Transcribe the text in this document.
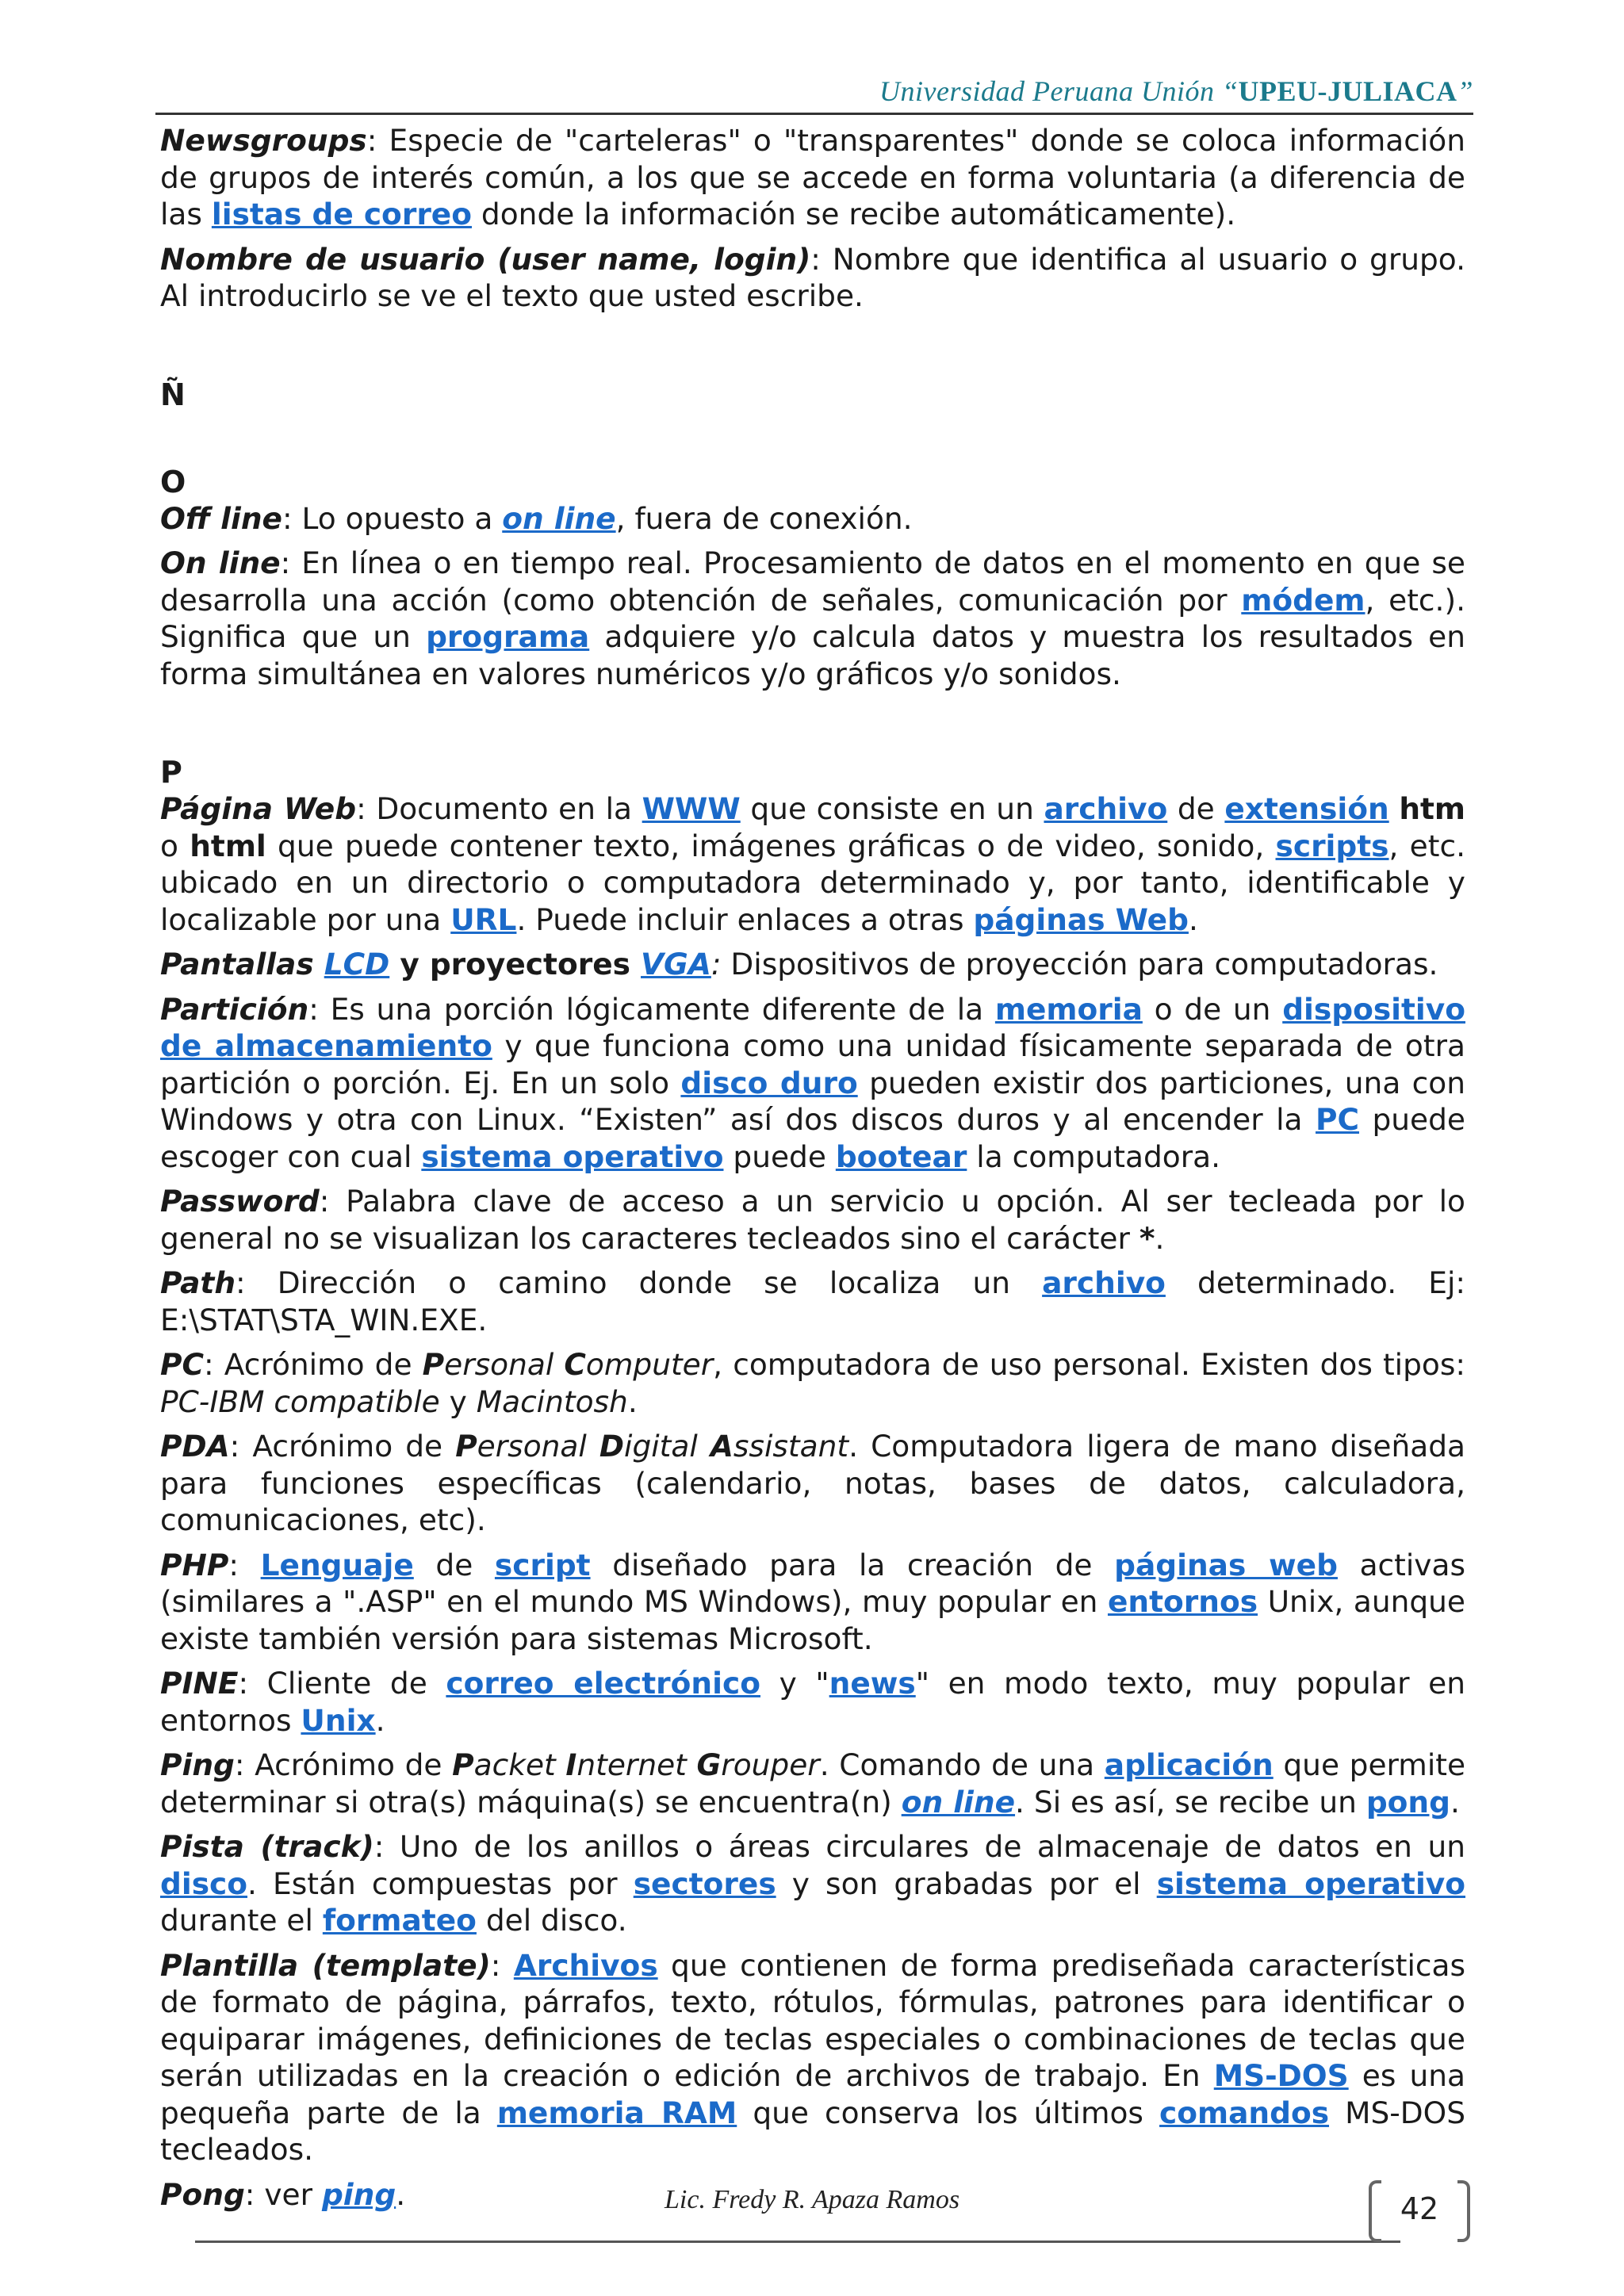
Universidad Peruana Unión “UPEU-JULIACA”

Newsgroups: Especie de "carteleras" o "transparentes" donde se coloca información de grupos de interés común, a los que se accede en forma voluntaria (a diferencia de las listas de correo donde la información se recibe automáticamente).

Nombre de usuario (user name, login): Nombre que identifica al usuario o grupo. Al introducirlo se ve el texto que usted escribe.

Ñ

O

Off line: Lo opuesto a on line, fuera de conexión.

On line: En línea o en tiempo real. Procesamiento de datos en el momento en que se desarrolla una acción (como obtención de señales, comunicación por módem, etc.). Significa que un programa adquiere y/o calcula datos y muestra los resultados en forma simultánea en valores numéricos y/o gráficos y/o sonidos.

P

Página Web: Documento en la WWW que consiste en un archivo de extensión htm o html que puede contener texto, imágenes gráficas o de video, sonido, scripts, etc. ubicado en un directorio o computadora determinado y, por tanto, identificable y localizable por una URL. Puede incluir enlaces a otras páginas Web.

Pantallas LCD y proyectores VGA: Dispositivos de proyección para computadoras.

Partición: Es una porción lógicamente diferente de la memoria o de un dispositivo de almacenamiento y que funciona como una unidad físicamente separada de otra partición o porción. Ej. En un solo disco duro pueden existir dos particiones, una con Windows y otra con Linux. “Existen” así dos discos duros y al encender la PC puede escoger con cual sistema operativo puede bootear la computadora.

Password: Palabra clave de acceso a un servicio u opción. Al ser tecleada por lo general no se visualizan los caracteres tecleados sino el carácter *.

Path: Dirección o camino donde se localiza un archivo determinado. Ej: E:\STAT\STA_WIN.EXE.

PC: Acrónimo de Personal Computer, computadora de uso personal. Existen dos tipos: PC-IBM compatible y Macintosh.

PDA: Acrónimo de Personal Digital Assistant. Computadora ligera de mano diseñada para funciones específicas (calendario, notas, bases de datos, calculadora, comunicaciones, etc).

PHP: Lenguaje de script diseñado para la creación de páginas web activas (similares a ".ASP" en el mundo MS Windows), muy popular en entornos Unix, aunque existe también versión para sistemas Microsoft.

PINE: Cliente de correo electrónico y "news" en modo texto, muy popular en entornos Unix.

Ping: Acrónimo de Packet Internet Grouper. Comando de una aplicación que permite determinar si otra(s) máquina(s) se encuentra(n) on line. Si es así, se recibe un pong.

Pista (track): Uno de los anillos o áreas circulares de almacenaje de datos en un disco. Están compuestas por sectores y son grabadas por el sistema operativo durante el formateo del disco.

Plantilla (template): Archivos que contienen de forma prediseñada características de formato de página, párrafos, texto, rótulos, fórmulas, patrones para identificar o equiparar imágenes, definiciones de teclas especiales o combinaciones de teclas que serán utilizadas en la creación o edición de archivos de trabajo. En MS-DOS es una pequeña parte de la memoria RAM que conserva los últimos comandos MS-DOS tecleados.

Pong: ver ping.	Lic. Fredy R. Apaza Ramos	42
